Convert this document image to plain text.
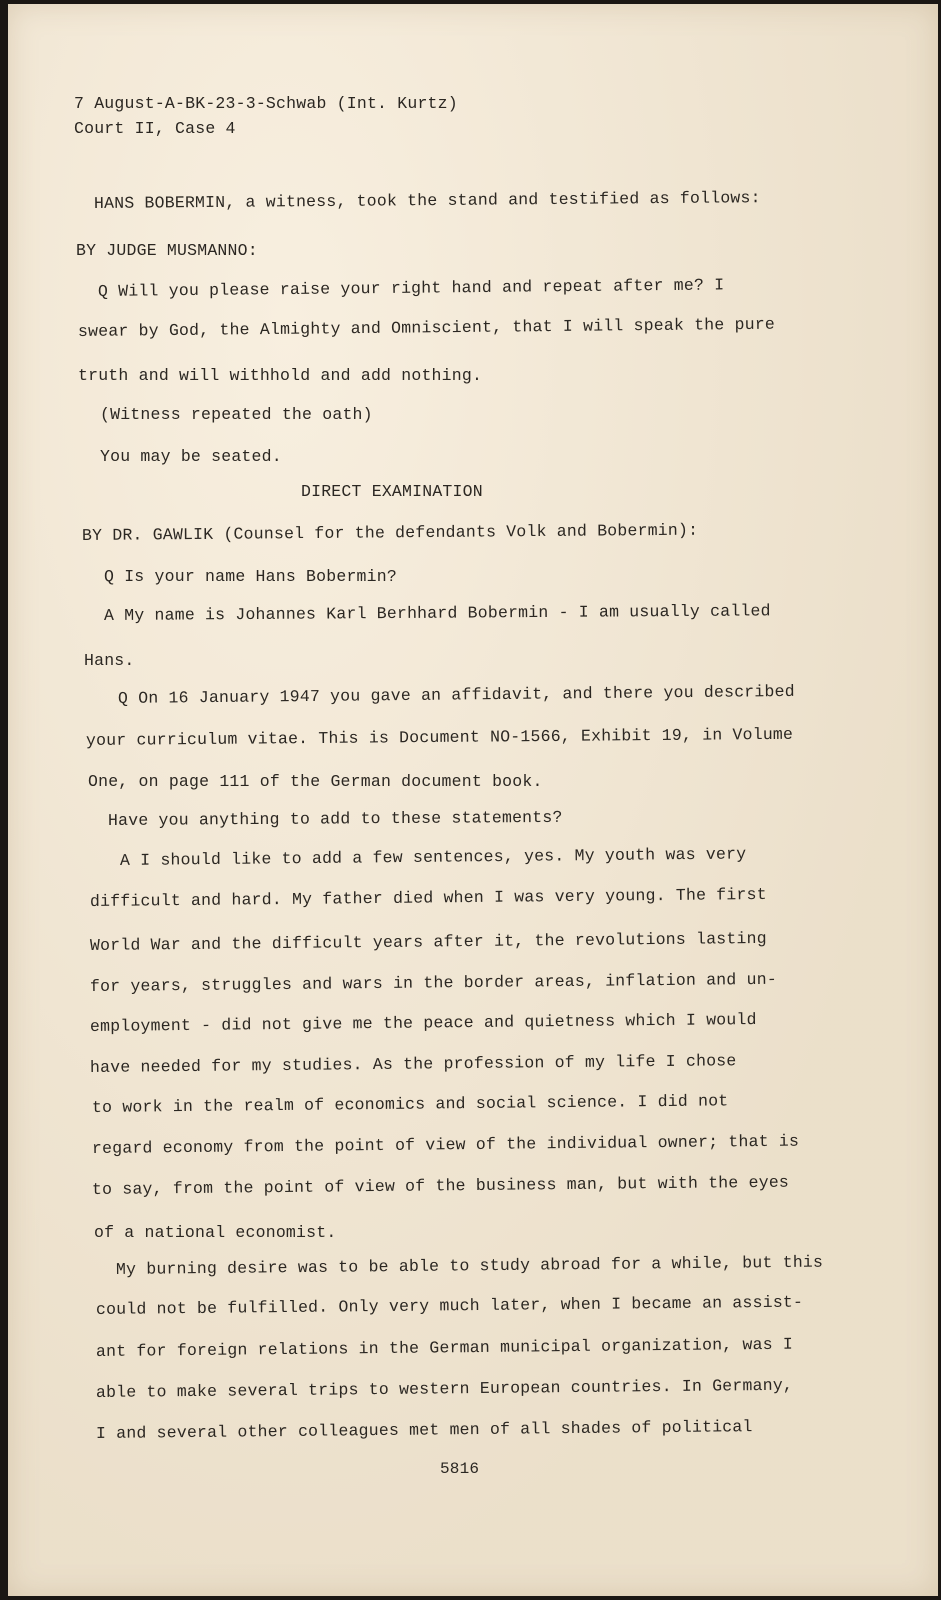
7 August-A-BK-23-3-Schwab (Int. Kurtz)
Court II, Case 4
HANS BOBERMIN, a witness, took the stand and testified as follows:
BY JUDGE MUSMANNO:
Q Will you please raise your right hand and repeat after me? I
swear by God, the Almighty and Omniscient, that I will speak the pure
truth and will withhold and add nothing.
(Witness repeated the oath)
You may be seated.
DIRECT EXAMINATION
BY DR. GAWLIK (Counsel for the defendants Volk and Bobermin):
Q Is your name Hans Bobermin?
A My name is Johannes Karl Berhhard Bobermin - I am usually called
Hans.
Q On 16 January 1947 you gave an affidavit, and there you described
your curriculum vitae. This is Document NO-1566, Exhibit 19, in Volume
One, on page 111 of the German document book.
Have you anything to add to these statements?
A I should like to add a few sentences, yes. My youth was very
difficult and hard. My father died when I was very young. The first
World War and the difficult years after it, the revolutions lasting
for years, struggles and wars in the border areas, inflation and un-
employment - did not give me the peace and quietness which I would
have needed for my studies. As the profession of my life I chose
to work in the realm of economics and social science. I did not
regard economy from the point of view of the individual owner; that is
to say, from the point of view of the business man, but with the eyes
of a national economist.
My burning desire was to be able to study abroad for a while, but this
could not be fulfilled. Only very much later, when I became an assist-
ant for foreign relations in the German municipal organization, was I
able to make several trips to western European countries. In Germany,
I and several other colleagues met men of all shades of political
5816
